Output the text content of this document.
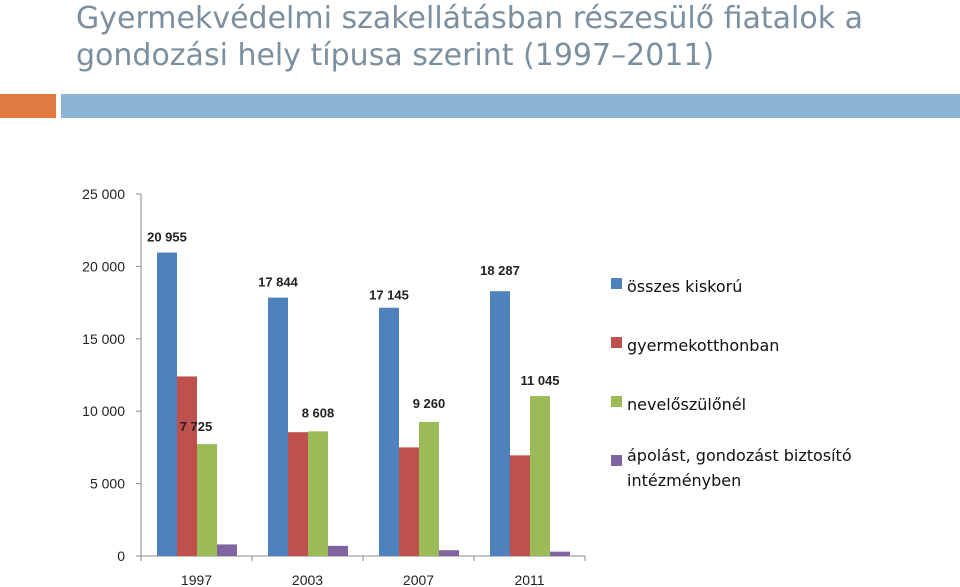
Gyermekvédelmi szakellátásban részesülő fiatalok a
gondozási hely típusa szerint (1997–2011)
0
5 000
10 000
15 000
20 000
25 000
1997	2003	2007	2011
20 955
17 844
17 145
18 287
7 725
8 608
9 260
11 045
összes kiskorú
gyermekotthonban
nevelőszülőnél
ápolást, gondozást biztosító
intézményben
